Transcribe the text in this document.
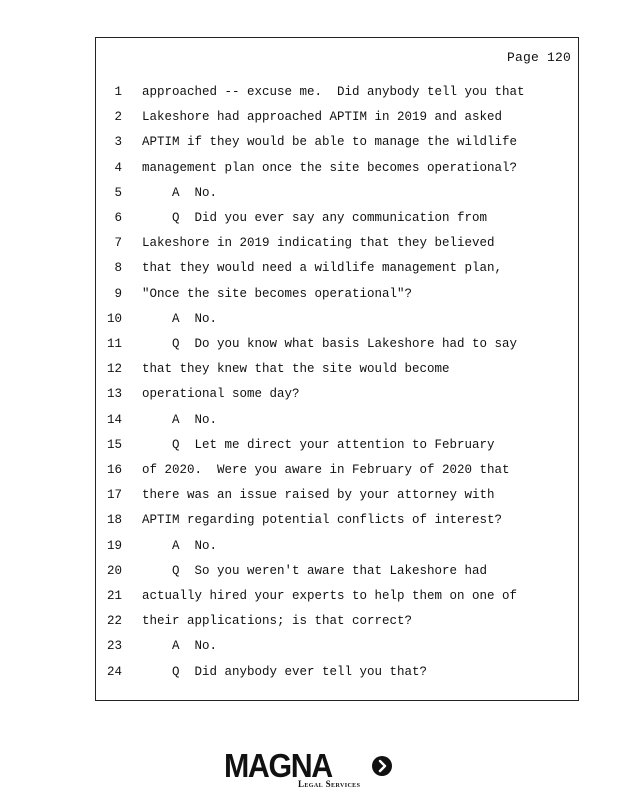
Page 120
1 approached -- excuse me.  Did anybody tell you that
2 Lakeshore had approached APTIM in 2019 and asked
3 APTIM if they would be able to manage the wildlife
4 management plan once the site becomes operational?
5 A  No.
6 Q  Did you ever say any communication from
7 Lakeshore in 2019 indicating that they believed
8 that they would need a wildlife management plan,
9 "Once the site becomes operational"?
10 A  No.
11 Q  Do you know what basis Lakeshore had to say
12 that they knew that the site would become
13 operational some day?
14 A  No.
15 Q  Let me direct your attention to February
16 of 2020.  Were you aware in February of 2020 that
17 there was an issue raised by your attorney with
18 APTIM regarding potential conflicts of interest?
19 A  No.
20 Q  So you weren't aware that Lakeshore had
21 actually hired your experts to help them on one of
22 their applications; is that correct?
23 A  No.
24 Q  Did anybody ever tell you that?
MAGNA
Legal Services
